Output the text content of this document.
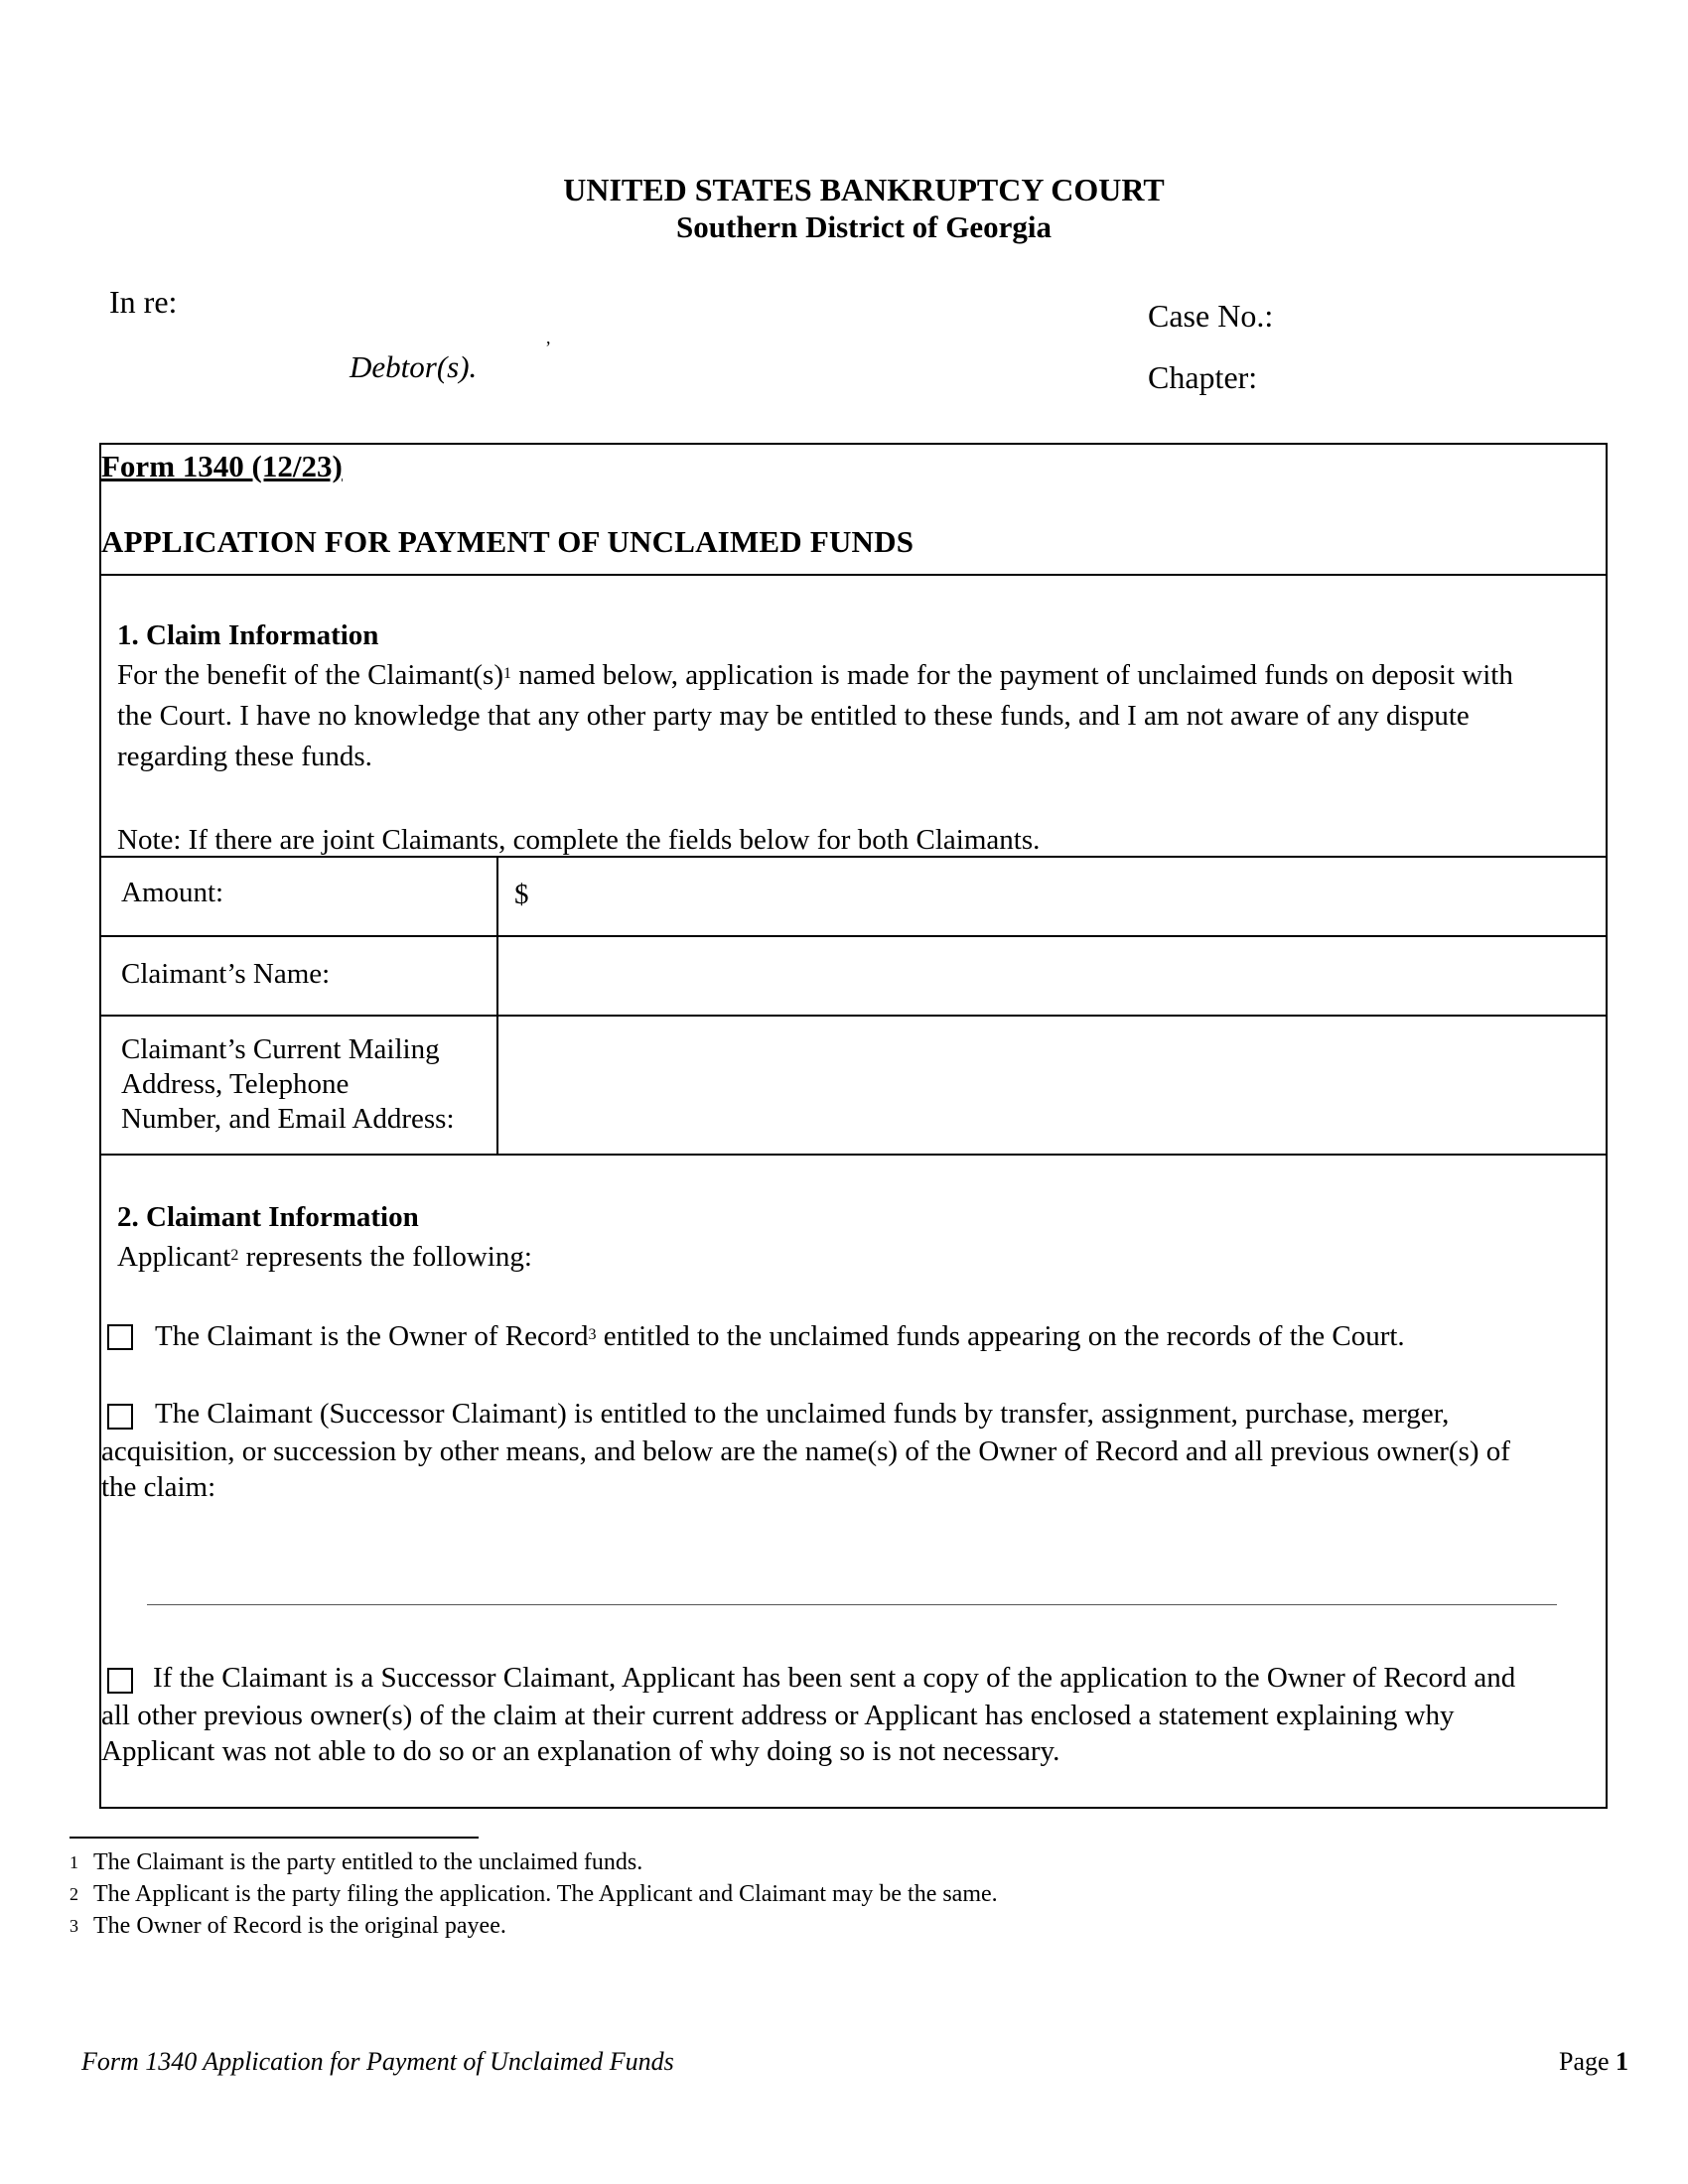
UNITED STATES BANKRUPTCY COURT
Southern District of Georgia
In re:
,
Debtor(s).
Case No.:
Chapter:
Form 1340 (12/23)
APPLICATION FOR PAYMENT OF UNCLAIMED FUNDS
1. Claim Information
For the benefit of the $Claimant(s)^1$ named below, application is made for the payment of unclaimed funds on deposit with
the Court. I have no knowledge that any other party may be entitled to these funds, and I am not aware of any dispute
regarding these funds.
Note: If there are joint Claimants, complete the fields below for both Claimants.
Amount:	$
Claimant’s Name:
Claimant’s Current Mailing
Address, Telephone
Number, and Email Address:
2. Claimant Information
Applicant$^2$ represents the following:
The Claimant is the Owner of Record$^3$ entitled to the unclaimed funds appearing on the records of the Court.
The Claimant (Successor Claimant) is entitled to the unclaimed funds by transfer, assignment, purchase, merger,
acquisition, or succession by other means, and below are the name(s) of the Owner of Record and all previous owner(s) of
the claim:
If the Claimant is a Successor Claimant, Applicant has been sent a copy of the application to the Owner of Record and
all other previous owner(s) of the claim at their current address or Applicant has enclosed a statement explaining why
Applicant was not able to do so or an explanation of why doing so is not necessary.
1 The Claimant is the party entitled to the unclaimed funds.
2 The Applicant is the party filing the application. The Applicant and Claimant may be the same.
3 The Owner of Record is the original payee.
Form 1340 Application for Payment of Unclaimed Funds	Page 1
